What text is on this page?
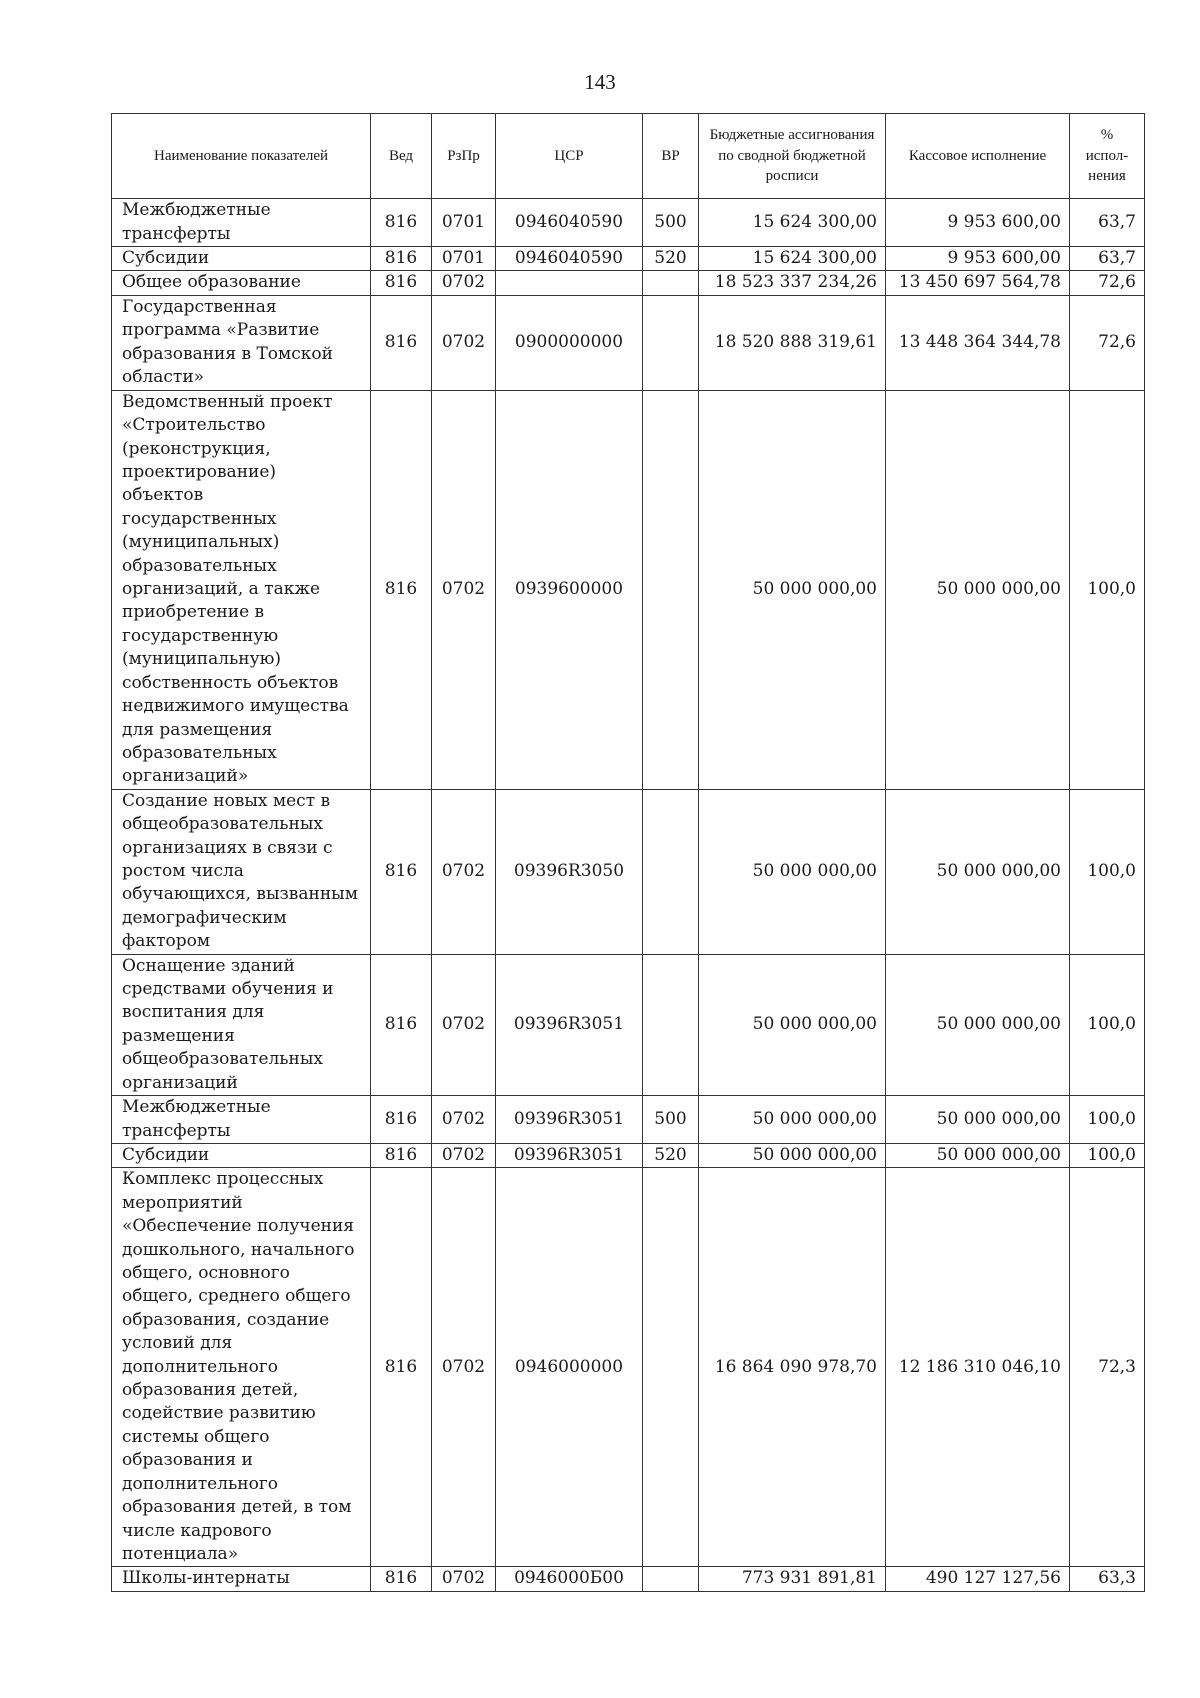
143
Наименование показателей	Вед	РзПр	ЦСР	ВР	Бюджетные ассигнования по сводной бюджетной росписи	Кассовое исполнение	%
испол-
нения
Межбюджетные трансферты	816	0701	0946040590	500	15 624 300,00	9 953 600,00	63,7
Субсидии	816	0701	0946040590	520	15 624 300,00	9 953 600,00	63,7
Общее образование	816	0702			18 523 337 234,26	13 450 697 564,78	72,6
Государственная программа «Развитие образования в Томской области»	816	0702	0900000000		18 520 888 319,61	13 448 364 344,78	72,6
Ведомственный проект «Строительство (реконструкция, проектирование) объектов государственных (муниципальных) образовательных организаций, а также приобретение в государственную (муниципальную) собственность объектов недвижимого имущества для размещения образовательных организаций»	816	0702	0939600000		50 000 000,00	50 000 000,00	100,0
Создание новых мест в общеобразовательных организациях в связи с ростом числа обучающихся, вызванным демографическим фактором	816	0702	09396R3050		50 000 000,00	50 000 000,00	100,0
Оснащение зданий средствами обучения и воспитания для размещения общеобразовательных организаций	816	0702	09396R3051		50 000 000,00	50 000 000,00	100,0
Межбюджетные трансферты	816	0702	09396R3051	500	50 000 000,00	50 000 000,00	100,0
Субсидии	816	0702	09396R3051	520	50 000 000,00	50 000 000,00	100,0
Комплекс процессных мероприятий «Обеспечение получения дошкольного, начального общего, основного общего, среднего общего образования, создание условий для дополнительного образования детей, содействие развитию системы общего образования и дополнительного образования детей, в том числе кадрового потенциала»	816	0702	0946000000		16 864 090 978,70	12 186 310 046,10	72,3
Школы-интернаты	816	0702	0946000Б00		773 931 891,81	490 127 127,56	63,3
